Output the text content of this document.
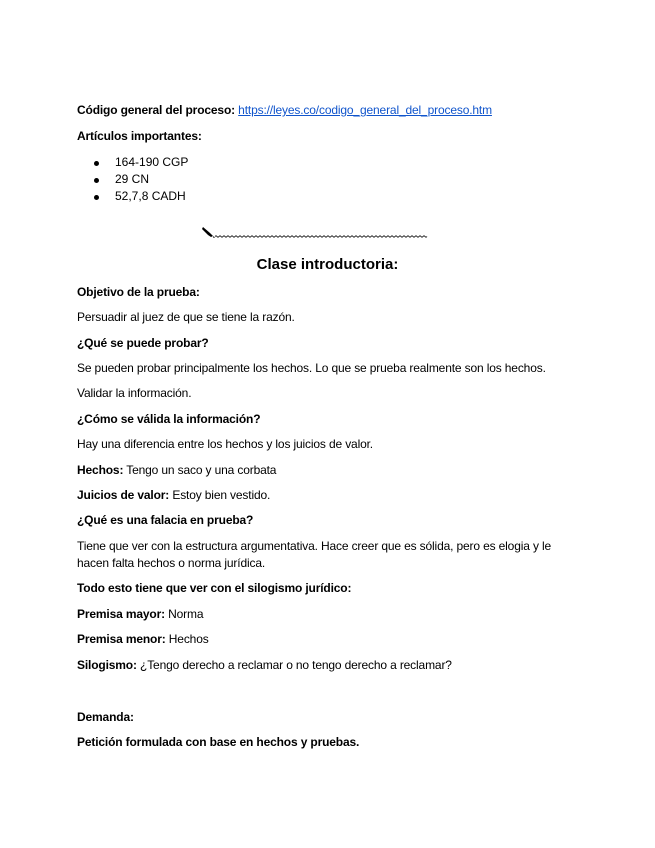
Código general del proceso: https://leyes.co/codigo_general_del_proceso.htm
Artículos importantes:
164-190 CGP
29 CN
52,7,8 CADH
Clase introductoria:
Objetivo de la prueba:
Persuadir al juez de que se tiene la razón.
¿Qué se puede probar?
Se pueden probar principalmente los hechos. Lo que se prueba realmente son los hechos.
Validar la información.
¿Cómo se válida la información?
Hay una diferencia entre los hechos y los juicios de valor.
Hechos: Tengo un saco y una corbata
Juicios de valor: Estoy bien vestido.
¿Qué es una falacia en prueba?
Tiene que ver con la estructura argumentativa. Hace creer que es sólida, pero es elogia y le hacen falta hechos o norma jurídica.
Todo esto tiene que ver con el silogismo jurídico:
Premisa mayor: Norma
Premisa menor: Hechos
Silogismo: ¿Tengo derecho a reclamar o no tengo derecho a reclamar?
Demanda:
Petición formulada con base en hechos y pruebas.
